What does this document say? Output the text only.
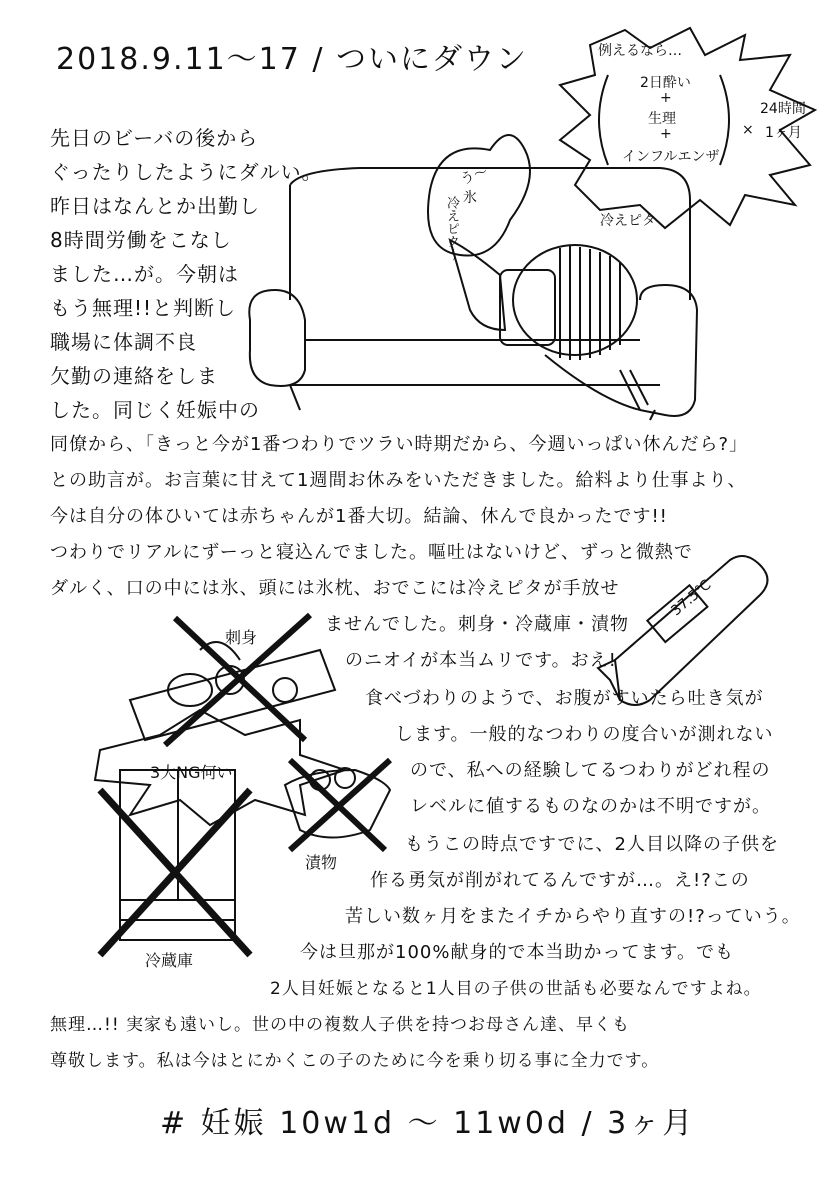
2018.9.11〜17 / ついにダウン	例えるなら…
2日酔い
+
生理
+
インフルエンザ
×
24時間
1ヶ月
う〜
氷
冷えピタ〜	冷えピタ
37.5℃
刺身
3大NG何い
漬物
冷蔵庫
先日のビーバの後から
ぐったりしたようにダルい。
昨日はなんとか出勤し
8時間労働をこなし
ました…が。今朝は
もう無理!!と判断し
職場に体調不良
欠勤の連絡をしま
した。同じく妊娠中の
同僚から、「きっと今が1番つわりでツラい時期だから、今週いっぱい休んだら?」
との助言が。お言葉に甘えて1週間お休みをいただきました。給料より仕事より、
今は自分の体ひいては赤ちゃんが1番大切。結論、休んで良かったです!!
つわりでリアルにずーっと寝込んでました。嘔吐はないけど、ずっと微熱で
ダルく、口の中には氷、頭には氷枕、おでこには冷えピタが手放せ
ませんでした。刺身・冷蔵庫・漬物
のニオイが本当ムリです。おえ!
食べづわりのようで、お腹がすいたら吐き気が
します。一般的なつわりの度合いが測れない
ので、私への経験してるつわりがどれ程の
レベルに値するものなのかは不明ですが。
もうこの時点ですでに、2人目以降の子供を
作る勇気が削がれてるんですが…。え!?この
苦しい数ヶ月をまたイチからやり直すの!?っていう。
今は旦那が100%献身的で本当助かってます。でも
2人目妊娠となると1人目の子供の世話も必要なんですよね。
無理…!! 実家も遠いし。世の中の複数人子供を持つお母さん達、早くも
尊敬します。私は今はとにかくこの子のために今を乗り切る事に全力です。
# 妊娠 10w1d 〜 11w0d / 3ヶ月
